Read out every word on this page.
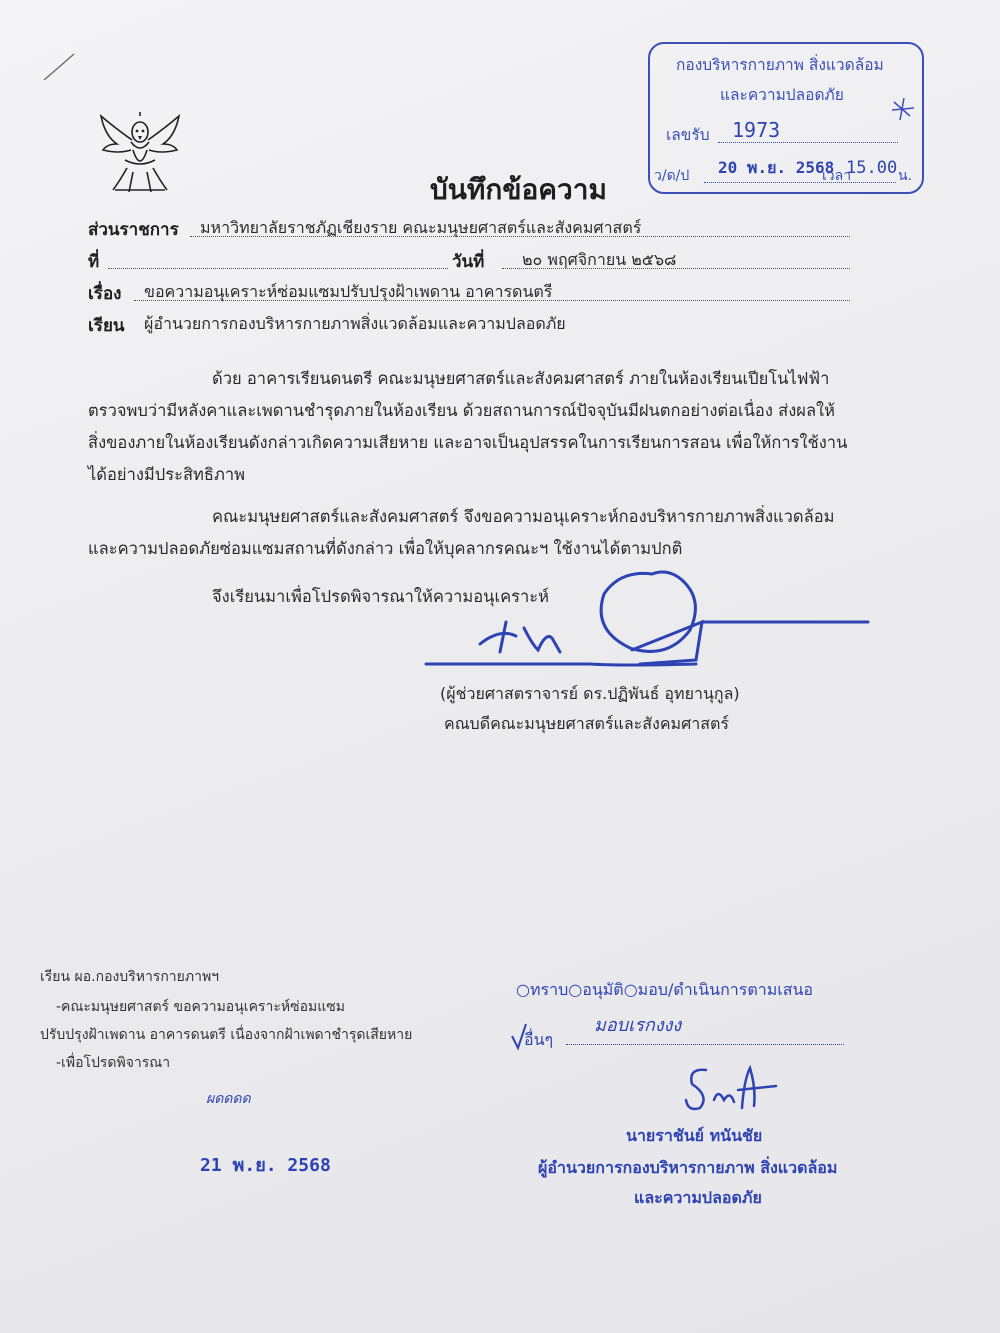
บันทึกข้อความ
กองบริหารกายภาพ สิ่งแวดล้อม
และความปลอดภัย
เลขรับ 1973
ว/ด/ป 20 พ.ย. 2568
เวลา
15.00 น.
ส่วนราชการ มหาวิทยาลัยราชภัฏเชียงราย คณะมนุษยศาสตร์และสังคมศาสตร์
ที่	วันที่ ๒๐ พฤศจิกายน ๒๕๖๘
เรื่อง ขอความอนุเคราะห์ซ่อมแซมปรับปรุงฝ้าเพดาน อาคารดนตรี
เรียน ผู้อำนวยการกองบริหารกายภาพสิ่งแวดล้อมและความปลอดภัย
ด้วย อาคารเรียนดนตรี คณะมนุษยศาสตร์และสังคมศาสตร์ ภายในห้องเรียนเปียโนไฟฟ้า
ตรวจพบว่ามีหลังคาและเพดานชำรุดภายในห้องเรียน ด้วยสถานการณ์ปัจจุบันมีฝนตกอย่างต่อเนื่อง ส่งผลให้
สิ่งของภายในห้องเรียนดังกล่าวเกิดความเสียหาย และอาจเป็นอุปสรรคในการเรียนการสอน เพื่อให้การใช้งาน
ได้อย่างมีประสิทธิภาพ
คณะมนุษยศาสตร์และสังคมศาสตร์ จึงขอความอนุเคราะห์กองบริหารกายภาพสิ่งแวดล้อม
และความปลอดภัยซ่อมแซมสถานที่ดังกล่าว เพื่อให้บุคลากรคณะฯ ใช้งานได้ตามปกติ
จึงเรียนมาเพื่อโปรดพิจารณาให้ความอนุเคราะห์
(ผู้ช่วยศาสตราจารย์ ดร.ปฏิพันธ์ อุทยานุกูล)
คณบดีคณะมนุษยศาสตร์และสังคมศาสตร์
เรียน ผอ.กองบริหารกายภาพฯ
-คณะมนุษยศาสตร์ ขอความอนุเคราะห์ซ่อมแซม
ปรับปรุงฝ้าเพดาน อาคารดนตรี เนื่องจากฝ้าเพดาชำรุดเสียหาย
-เพื่อโปรดพิจารณา
ผดดดด
21 พ.ย. 2568
○ทราบ○อนุมัติ○มอบ/ดำเนินการตามเสนอ
อื่นๆ
มอบเรกงงง
นายราชันย์ ทนันชัย
ผู้อำนวยการกองบริหารกายภาพ สิ่งแวดล้อม
และความปลอดภัย
